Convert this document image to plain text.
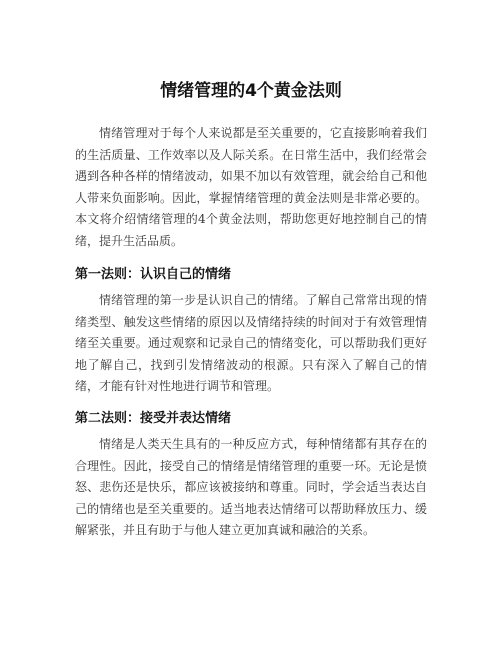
情绪管理的4个黄金法则

情绪管理对于每个人来说都是至关重要的，它直接影响着我们的生活质量、工作效率以及人际关系。在日常生活中，我们经常会遇到各种各样的情绪波动，如果不加以有效管理，就会给自己和他人带来负面影响。因此，掌握情绪管理的黄金法则是非常必要的。本文将介绍情绪管理的4个黄金法则，帮助您更好地控制自己的情绪，提升生活品质。

第一法则：认识自己的情绪

情绪管理的第一步是认识自己的情绪。了解自己常常出现的情绪类型、触发这些情绪的原因以及情绪持续的时间对于有效管理情绪至关重要。通过观察和记录自己的情绪变化，可以帮助我们更好地了解自己，找到引发情绪波动的根源。只有深入了解自己的情绪，才能有针对性地进行调节和管理。

第二法则：接受并表达情绪

情绪是人类天生具有的一种反应方式，每种情绪都有其存在的合理性。因此，接受自己的情绪是情绪管理的重要一环。无论是愤怒、悲伤还是快乐，都应该被接纳和尊重。同时，学会适当表达自己的情绪也是至关重要的。适当地表达情绪可以帮助释放压力、缓解紧张，并且有助于与他人建立更加真诚和融洽的关系。
